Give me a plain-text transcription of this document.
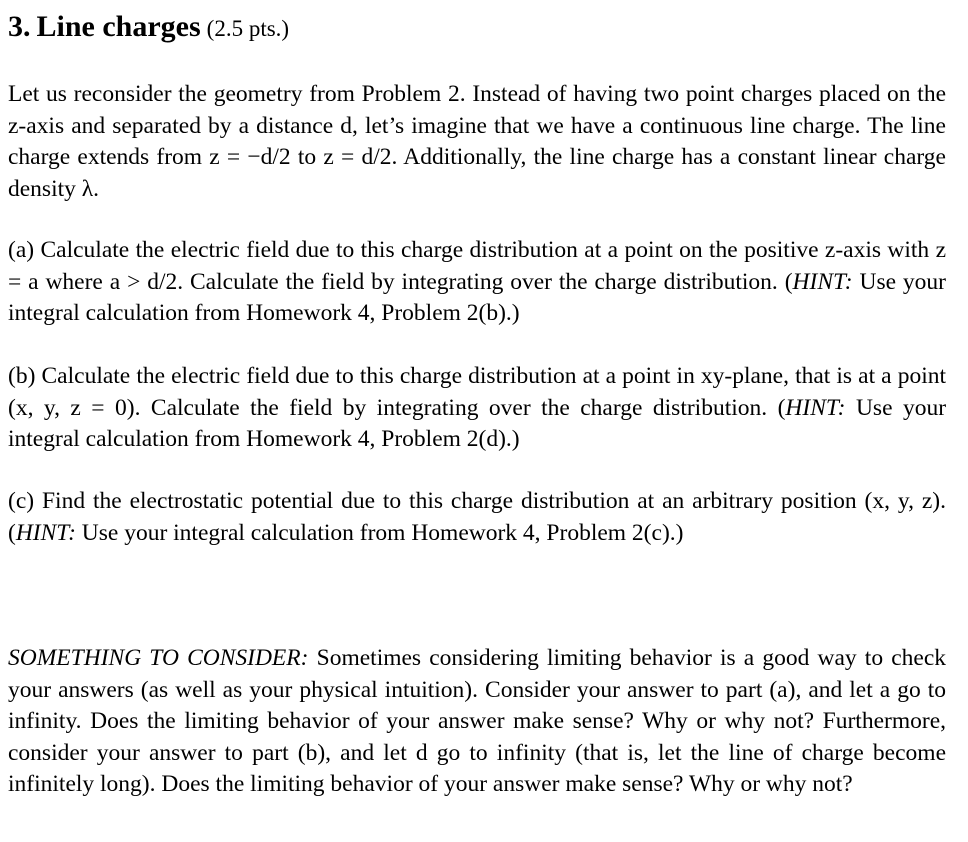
3. Line charges (2.5 pts.)

Let us reconsider the geometry from Problem 2. Instead of having two point charges placed on the z-axis and separated by a distance d, let’s imagine that we have a continuous line charge. The line charge extends from z = −d/2 to z = d/2. Additionally, the line charge has a constant linear charge density λ.

(a) Calculate the electric field due to this charge distribution at a point on the positive z-axis with z = a where a > d/2. Calculate the field by integrating over the charge distribution. (HINT: Use your integral calculation from Homework 4, Problem 2(b).)

(b) Calculate the electric field due to this charge distribution at a point in xy-plane, that is at a point (x, y, z = 0). Calculate the field by integrating over the charge distribution. (HINT: Use your integral calculation from Homework 4, Problem 2(d).)

(c) Find the electrostatic potential due to this charge distribution at an arbitrary position (x, y, z). (HINT: Use your integral calculation from Homework 4, Problem 2(c).)

SOMETHING TO CONSIDER: Sometimes considering limiting behavior is a good way to check your answers (as well as your physical intuition). Consider your answer to part (a), and let a go to infinity. Does the limiting behavior of your answer make sense? Why or why not? Furthermore, consider your answer to part (b), and let d go to infinity (that is, let the line of charge become infinitely long). Does the limiting behavior of your answer make sense? Why or why not?
